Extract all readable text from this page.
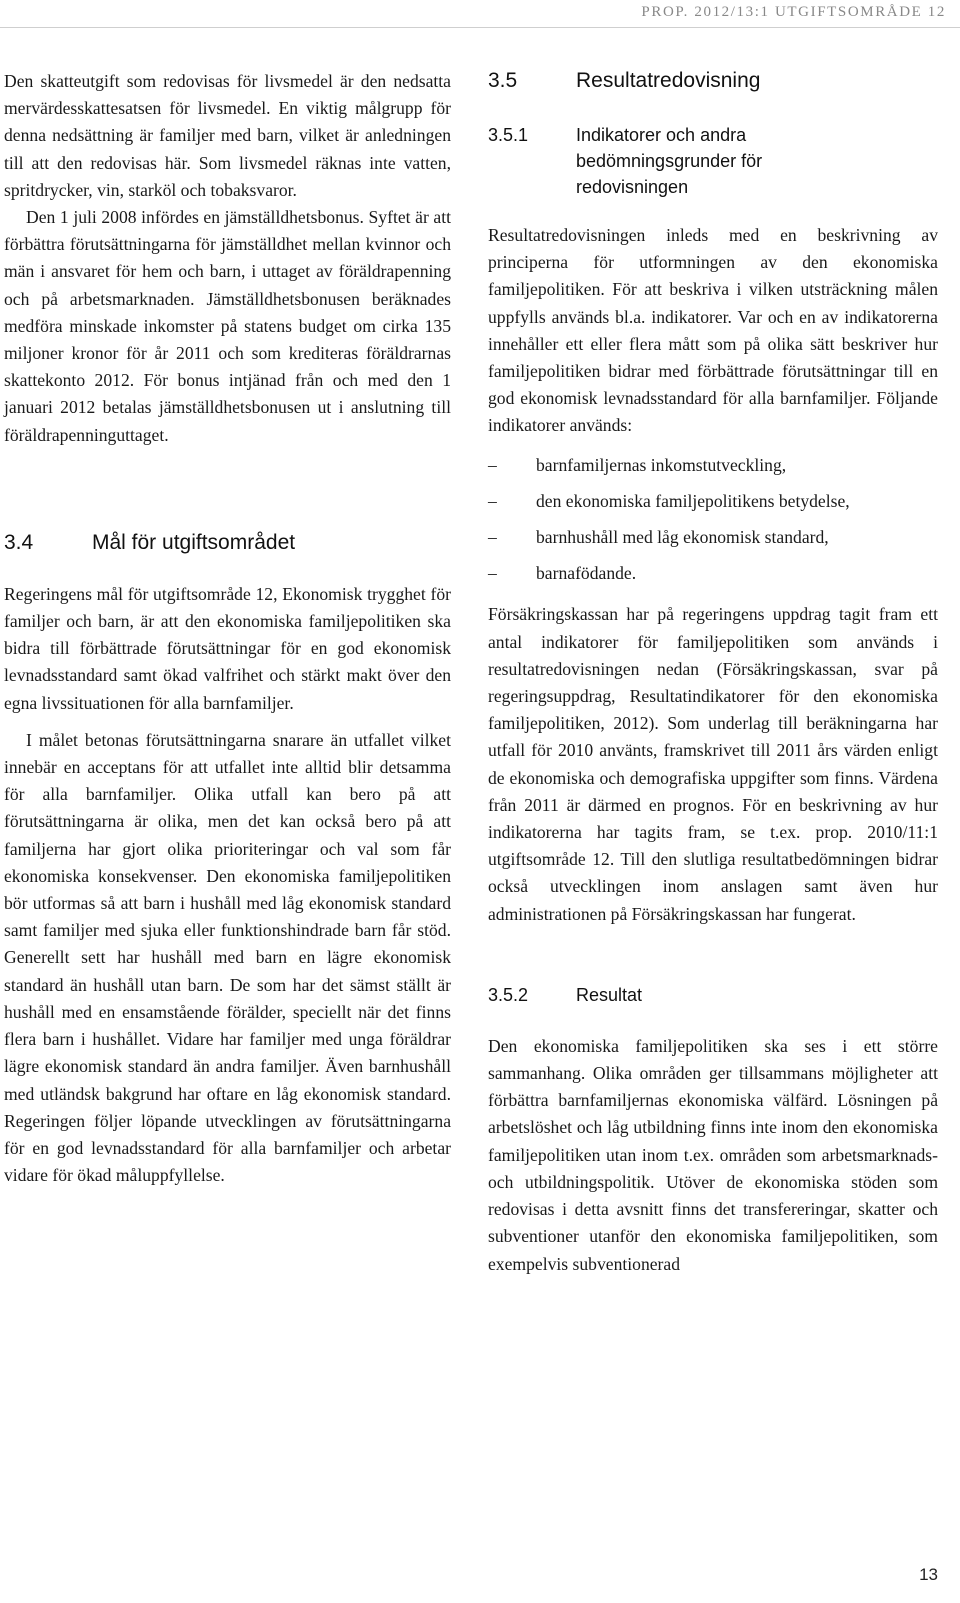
PROP. 2012/13:1 UTGIFTSOMRÅDE 12

Den skatteutgift som redovisas för livsmedel är den nedsatta mervärdesskattesatsen för livsmedel. En viktig målgrupp för denna nedsättning är familjer med barn, vilket är anledningen till att den redovisas här. Som livsmedel räknas inte vatten, spritdrycker, vin, starköl och tobaksvaror.

Den 1 juli 2008 infördes en jämställdhetsbonus. Syftet är att förbättra förutsättningarna för jämställdhet mellan kvinnor och män i ansvaret för hem och barn, i uttaget av föräldrapenning och på arbetsmarknaden. Jämställdhetsbonusen beräknades medföra minskade inkomster på statens budget om cirka 135 miljoner kronor för år 2011 och som krediteras föräldrarnas skattekonto 2012. För bonus intjänad från och med den 1 januari 2012 betalas jämställdhetsbonusen ut i anslutning till föräldrapenninguttaget.

3.4	Mål för utgiftsområdet

Regeringens mål för utgiftsområde 12, Ekonomisk trygghet för familjer och barn, är att den ekonomiska familjepolitiken ska bidra till förbättrade förutsättningar för en god ekonomisk levnadsstandard samt ökad valfrihet och stärkt makt över den egna livssituationen för alla barnfamiljer.

I målet betonas förutsättningarna snarare än utfallet vilket innebär en acceptans för att utfallet inte alltid blir detsamma för alla barnfamiljer. Olika utfall kan bero på att förutsättningarna är olika, men det kan också bero på att familjerna har gjort olika prioriteringar och val som får ekonomiska konsekvenser. Den ekonomiska familjepolitiken bör utformas så att barn i hushåll med låg ekonomisk standard samt familjer med sjuka eller funktionshindrade barn får stöd. Generellt sett har hushåll med barn en lägre ekonomisk standard än hushåll utan barn. De som har det sämst ställt är hushåll med en ensamstående förälder, speciellt när det finns flera barn i hushållet. Vidare har familjer med unga föräldrar lägre ekonomisk standard än andra familjer. Även barnhushåll med utländsk bakgrund har oftare en låg ekonomisk standard. Regeringen följer löpande utvecklingen av förutsättningarna för en god levnadsstandard för alla barnfamiljer och arbetar vidare för ökad måluppfyllelse.

3.5	Resultatredovisning
3.5.1	Indikatorer och andra bedömningsgrunder för redovisningen

Resultatredovisningen inleds med en beskrivning av principerna för utformningen av den ekonomiska familjepolitiken. För att beskriva i vilken utsträckning målen uppfylls används bl.a. indikatorer. Var och en av indikatorerna innehåller ett eller flera mått som på olika sätt beskriver hur familjepolitiken bidrar med förbättrade förutsättningar till en god ekonomisk levnadsstandard för alla barnfamiljer. Följande indikatorer används:

–	barnfamiljernas inkomstutveckling,
–	den ekonomiska familjepolitikens betydelse,
–	barnhushåll med låg ekonomisk standard,
–	barnafödande.

Försäkringskassan har på regeringens uppdrag tagit fram ett antal indikatorer för familjepolitiken som används i resultatredovisningen nedan (Försäkringskassan, svar på regeringsuppdrag, Resultatindikatorer för den ekonomiska familjepolitiken, 2012). Som underlag till beräkningarna har utfall för 2010 använts, framskrivet till 2011 års värden enligt de ekonomiska och demografiska uppgifter som finns. Värdena från 2011 är därmed en prognos. För en beskrivning av hur indikatorerna har tagits fram, se t.ex. prop. 2010/11:1 utgiftsområde 12. Till den slutliga resultatbedömningen bidrar också utvecklingen inom anslagen samt även hur administrationen på Försäkringskassan har fungerat.

3.5.2	Resultat

Den ekonomiska familjepolitiken ska ses i ett större sammanhang. Olika områden ger tillsammans möjligheter att förbättra barnfamiljernas ekonomiska välfärd. Lösningen på arbetslöshet och låg utbildning finns inte inom den ekonomiska familjepolitiken utan inom t.ex. områden som arbetsmarknads- och utbildningspolitik. Utöver de ekonomiska stöden som redovisas i detta avsnitt finns det transfereringar, skatter och subventioner utanför den ekonomiska familjepolitiken, som exempelvis subventionerad

13
